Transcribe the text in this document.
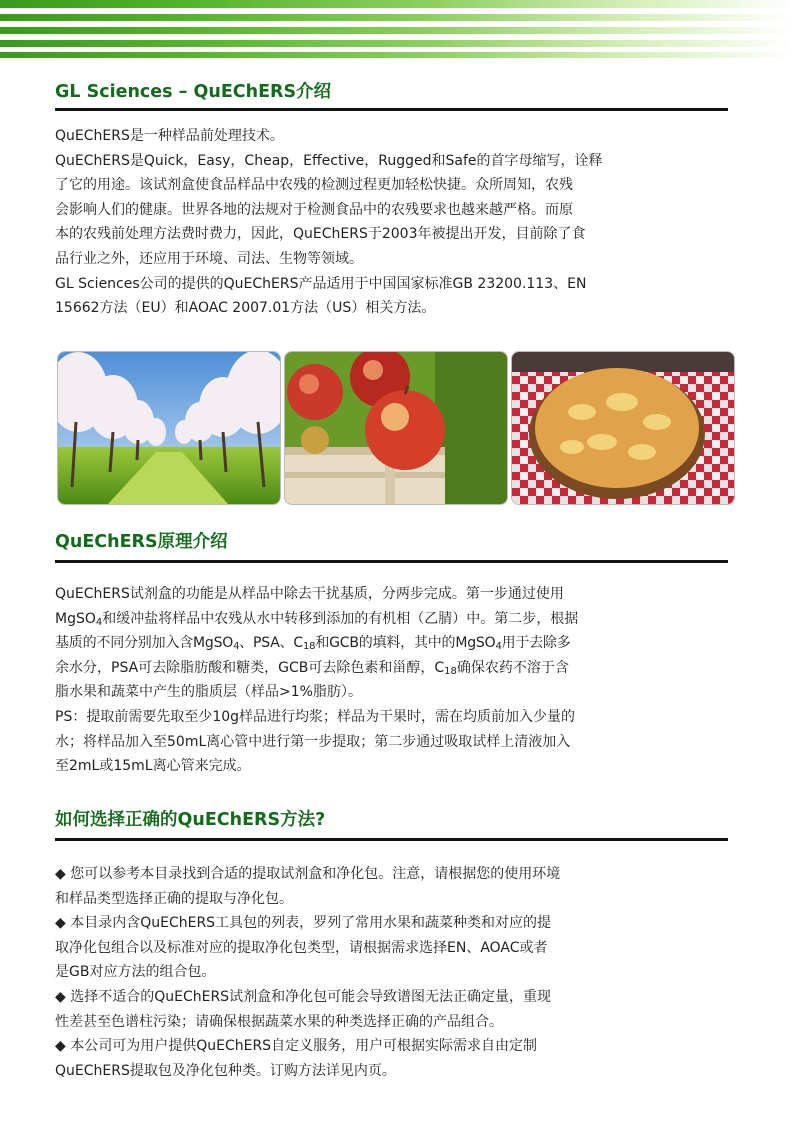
GL Sciences – QuEChERS介绍
QuEChERS是一种样品前处理技术。
QuEChERS是Quick，Easy，Cheap，Effective，Rugged和Safe的首字母缩写，诠释
了它的用途。该试剂盒使食品样品中农残的检测过程更加轻松快捷。众所周知，农残
会影响人们的健康。世界各地的法规对于检测食品中的农残要求也越来越严格。而原
本的农残前处理方法费时费力，因此，QuEChERS于2003年被提出开发，目前除了食
品行业之外，还应用于环境、司法、生物等领域。
GL Sciences公司的提供的QuEChERS产品适用于中国国家标准GB 23200.113、EN
15662方法（EU）和AOAC 2007.01方法（US）相关方法。
QuEChERS原理介绍
QuEChERS试剂盒的功能是从样品中除去干扰基质，分两步完成。第一步通过使用
MgSO$_4$和缓冲盐将样品中农残从水中转移到添加的有机相（乙腈）中。第二步，根据
基质的不同分别加入含MgSO$_4$、PSA、$C_{18}$和GCB的填料，其中的MgSO$_4$用于去除多
余水分，PSA可去除脂肪酸和糖类，GCB可去除色素和甾醇，$C_{18}$确保农药不溶于含
脂水果和蔬菜中产生的脂质层（样品>1%脂肪）。
PS：提取前需要先取至少10g样品进行均浆；样品为干果时，需在均质前加入少量的
水；将样品加入至50mL离心管中进行第一步提取；第二步通过吸取试样上清液加入
至2mL或15mL离心管来完成。
如何选择正确的QuEChERS方法?
◆ 您可以参考本目录找到合适的提取试剂盒和净化包。注意，请根据您的使用环境
和样品类型选择正确的提取与净化包。
◆ 本目录内含QuEChERS工具包的列表，罗列了常用水果和蔬菜种类和对应的提
取净化包组合以及标准对应的提取净化包类型，请根据需求选择EN、AOAC或者
是GB对应方法的组合包。
◆ 选择不适合的QuEChERS试剂盒和净化包可能会导致谱图无法正确定量，重现
性差甚至色谱柱污染；请确保根据蔬菜水果的种类选择正确的产品组合。
◆ 本公司可为用户提供QuEChERS自定义服务，用户可根据实际需求自由定制
QuEChERS提取包及净化包种类。订购方法详见内页。
